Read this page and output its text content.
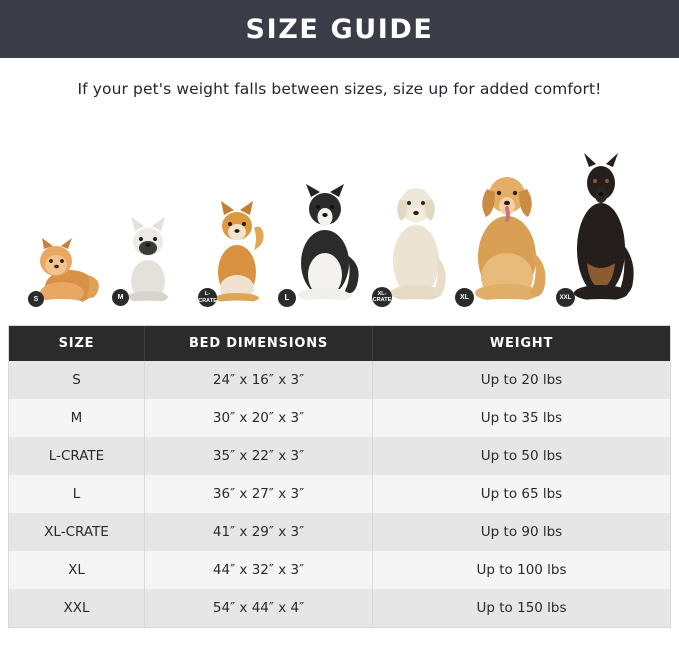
SIZE GUIDE
If your pet's weight falls between sizes, size up for added comfort!
S	M	L-CRATE	L	XL-CRATE	XL	XXL
SIZE	BED DIMENSIONS	WEIGHT
S	24″ x 16″ x 3″	Up to 20 lbs
M	30″ x 20″ x 3″	Up to 35 lbs
L-CRATE	35″ x 22″ x 3″	Up to 50 lbs
L	36″ x 27″ x 3″	Up to 65 lbs
XL-CRATE	41″ x 29″ x 3″	Up to 90 lbs
XL	44″ x 32″ x 3″	Up to 100 lbs
XXL	54″ x 44″ x 4″	Up to 150 lbs
